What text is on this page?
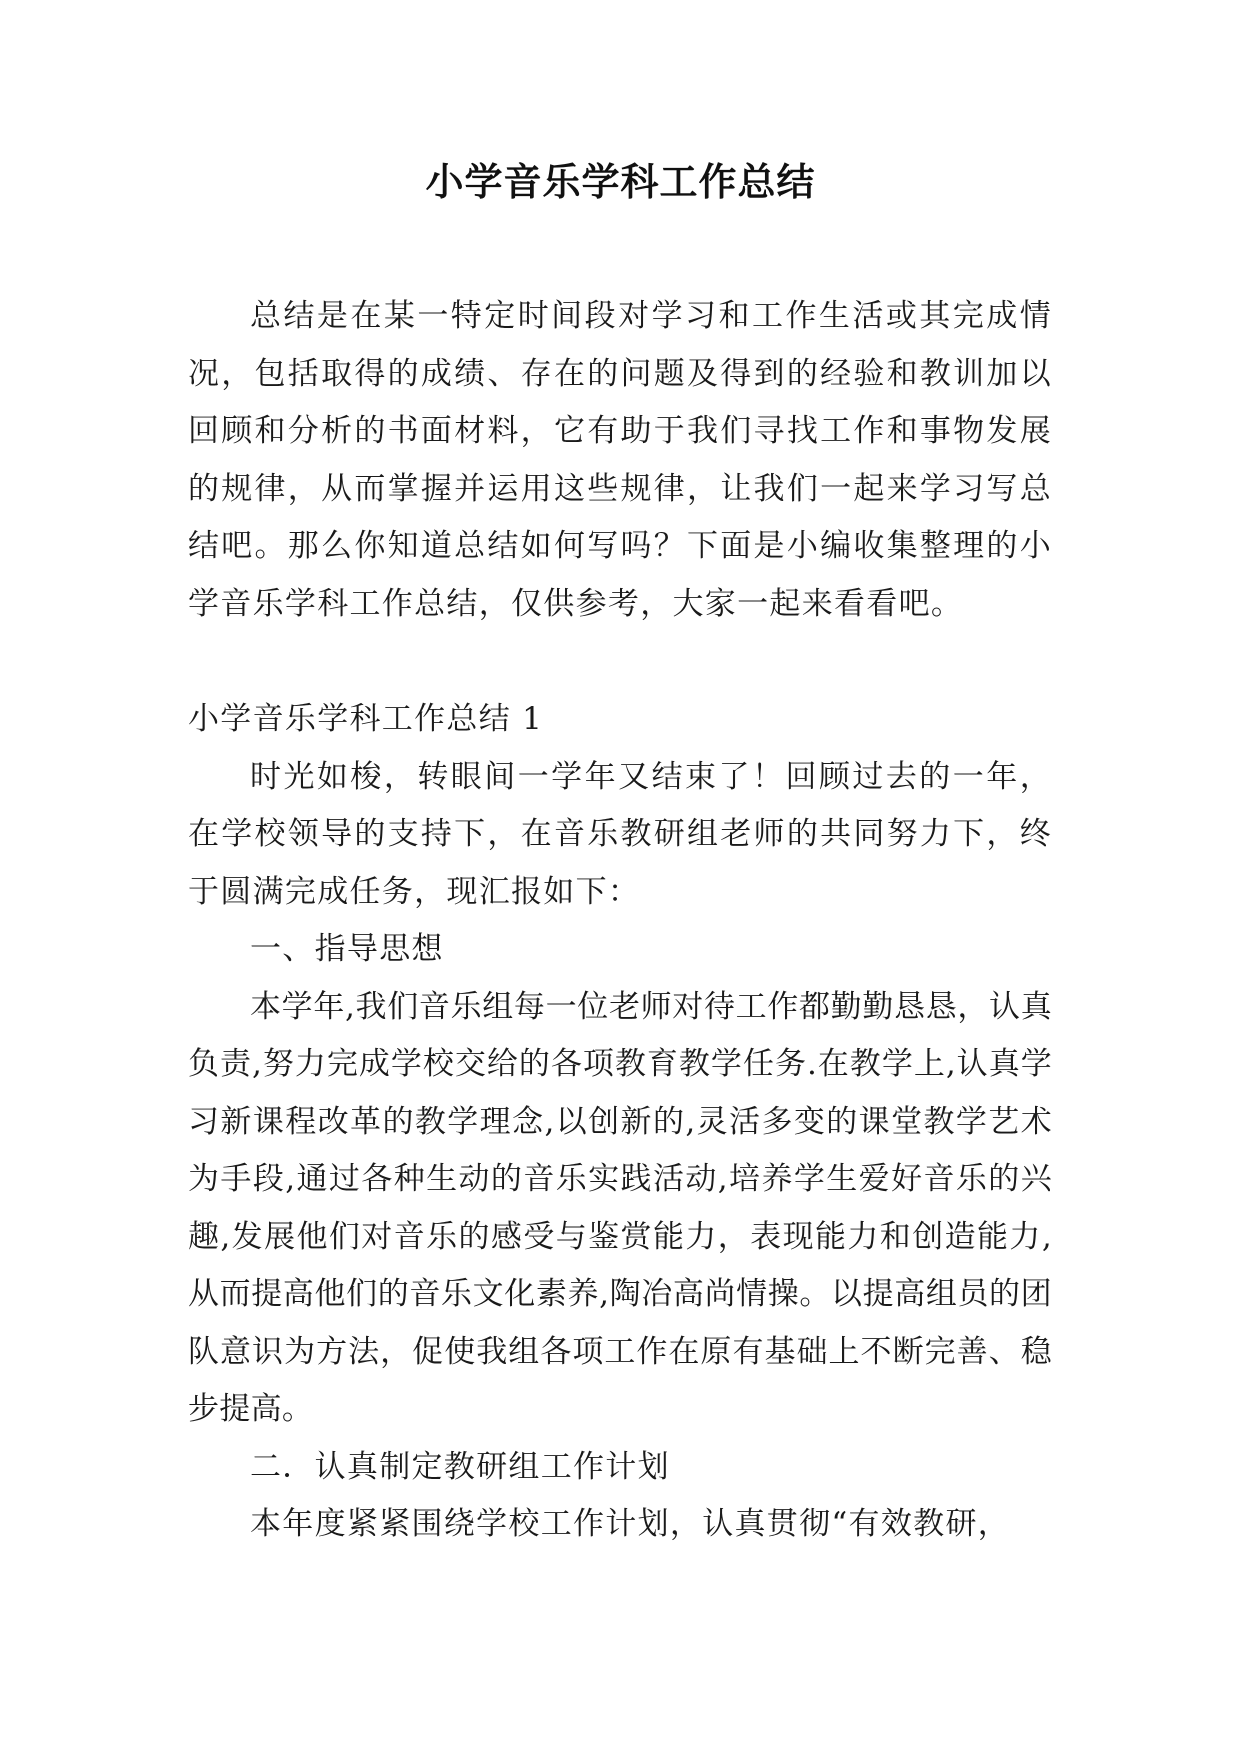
小学音乐学科工作总结

总结是在某一特定时间段对学习和工作生活或其完成情况，包括取得的成绩、存在的问题及得到的经验和教训加以回顾和分析的书面材料，它有助于我们寻找工作和事物发展的规律，从而掌握并运用这些规律，让我们一起来学习写总结吧。那么你知道总结如何写吗？下面是小编收集整理的小学音乐学科工作总结，仅供参考，大家一起来看看吧。

小学音乐学科工作总结 1

时光如梭，转眼间一学年又结束了！回顾过去的一年，在学校领导的支持下，在音乐教研组老师的共同努力下，终于圆满完成任务，现汇报如下：

一、指导思想

本学年,我们音乐组每一位老师对待工作都勤勤恳恳，认真负责,努力完成学校交给的各项教育教学任务.在教学上,认真学习新课程改革的教学理念,以创新的,灵活多变的课堂教学艺术为手段,通过各种生动的音乐实践活动,培养学生爱好音乐的兴趣,发展他们对音乐的感受与鉴赏能力，表现能力和创造能力,从而提高他们的音乐文化素养,陶冶高尚情操。以提高组员的团队意识为方法，促使我组各项工作在原有基础上不断完善、稳步提高。

二．认真制定教研组工作计划

本年度紧紧围绕学校工作计划，认真贯彻“有效教研，
